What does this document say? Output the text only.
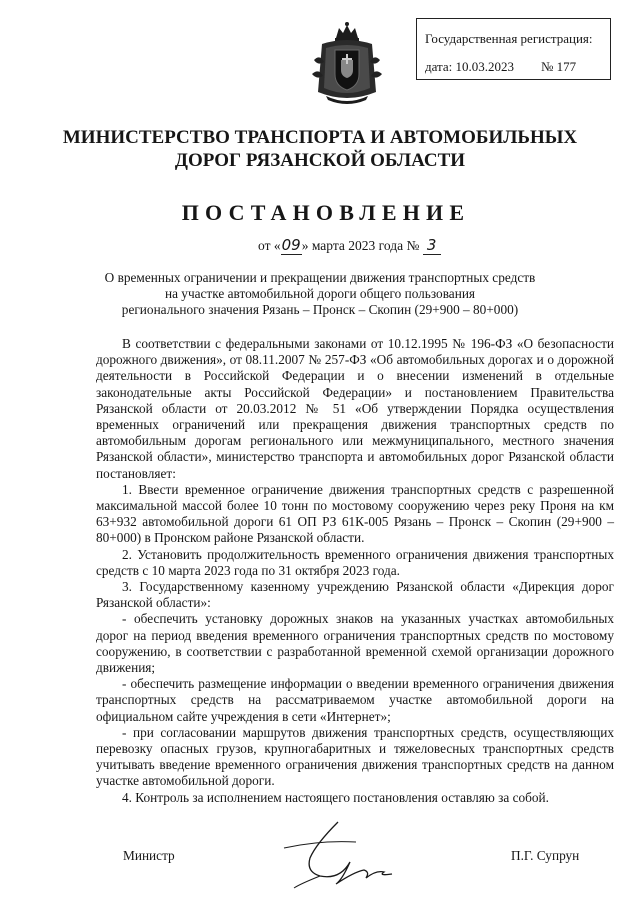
Государственная регистрация:
дата: 10.03.2023 № 177
МИНИСТЕРСТВО ТРАНСПОРТА И АВТОМОБИЛЬНЫХ
ДОРОГ РЯЗАНСКОЙ ОБЛАСТИ
ПОСТАНОВЛЕНИЕ
от «09» марта 2023 года № 3
О временных ограничении и прекращении движения транспортных средств
на участке автомобильной дороги общего пользования
регионального значения Рязань – Пронск – Скопин (29+900 – 80+000)

В соответствии с федеральными законами от 10.12.1995 № 196-ФЗ «О безопасности дорожного движения», от 08.11.2007 № 257-ФЗ «Об автомобильных дорогах и о дорожной деятельности в Российской Федерации и о внесении изменений в отдельные законодательные акты Российской Федерации» и постановлением Правительства Рязанской области от 20.03.2012 № 51 «Об утверждении Порядка осуществления временных ограничений или прекращения движения транспортных средств по автомобильным дорогам регионального или межмуниципального, местного значения Рязанской области», министерство транспорта и автомобильных дорог Рязанской области постановляет:

1. Ввести временное ограничение движения транспортных средств с разрешенной максимальной массой более 10 тонн по мостовому сооружению через реку Проня на км 63+932 автомобильной дороги 61 ОП РЗ 61К-005 Рязань – Пронск – Скопин (29+900 – 80+000) в Пронском районе Рязанской области.

2. Установить продолжительность временного ограничения движения транспортных средств с 10 марта 2023 года по 31 октября 2023 года.

3. Государственному казенному учреждению Рязанской области «Дирекция дорог Рязанской области»:

- обеспечить установку дорожных знаков на указанных участках автомобильных дорог на период введения временного ограничения транспортных средств по мостовому сооружению, в соответствии с разработанной временной схемой организации дорожного движения;

- обеспечить размещение информации о введении временного ограничения движения транспортных средств на рассматриваемом участке автомобильной дороги на официальном сайте учреждения в сети «Интернет»;

- при согласовании маршрутов движения транспортных средств, осуществляющих перевозку опасных грузов, крупногабаритных и тяжеловесных транспортных средств учитывать введение временного ограничения движения транспортных средств на данном участке автомобильной дороги.

4. Контроль за исполнением настоящего постановления оставляю за собой.

Министр	П.Г. Супрун
